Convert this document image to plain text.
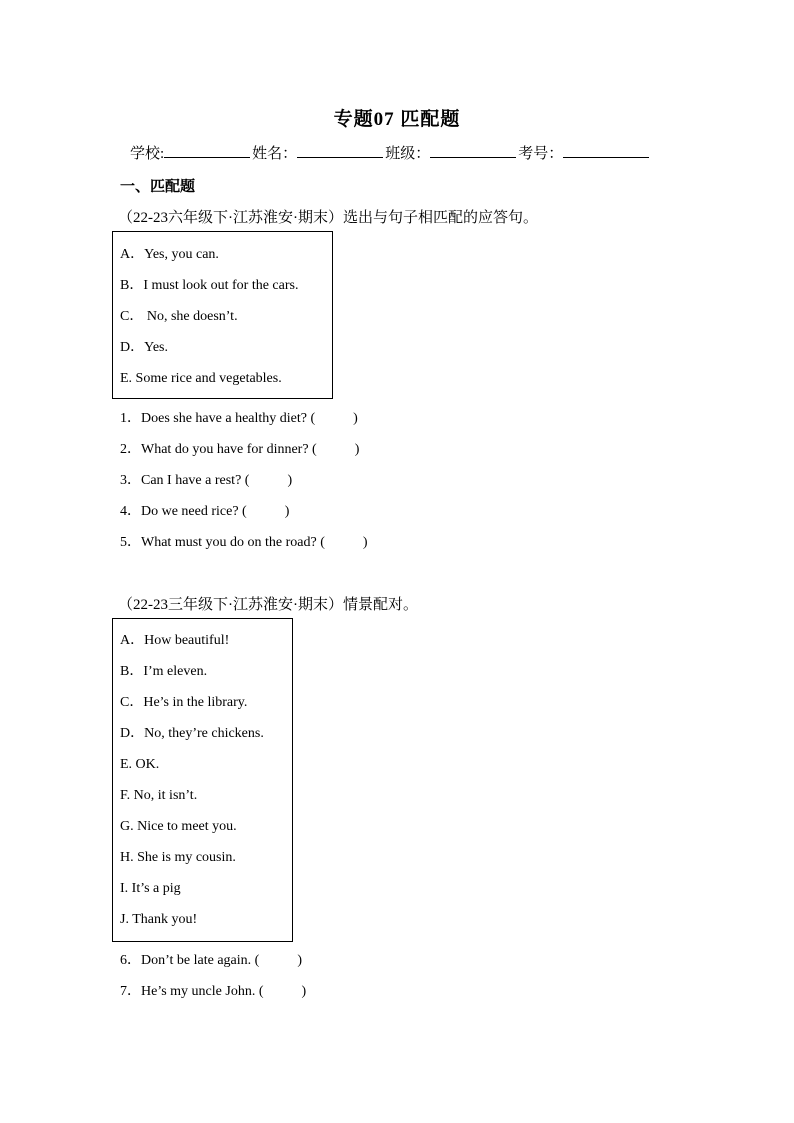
专题07 匹配题
学校:	姓名：	班级：	考号：
一、匹配题
（22-23六年级下·江苏淮安·期末）选出与句子相匹配的应答句。
A．Yes, you can.
B．I must look out for the cars.
C． No, she doesn’t.
D．Yes.
E. Some rice and vegetables.
1．Does she have a healthy diet? (	)
2．What do you have for dinner? (	)
3．Can I have a rest? (	)
4．Do we need rice? (	)
5．What must you do on the road? (	)
（22-23三年级下·江苏淮安·期末）情景配对。
A．How beautiful!
B．I’m eleven.
C．He’s in the library.
D．No, they’re chickens.
E. OK.
F. No, it isn’t.
G. Nice to meet you.
H. She is my cousin.
I. It’s a pig
J. Thank you!
6．Don’t be late again. (	)
7．He’s my uncle John. (	)
